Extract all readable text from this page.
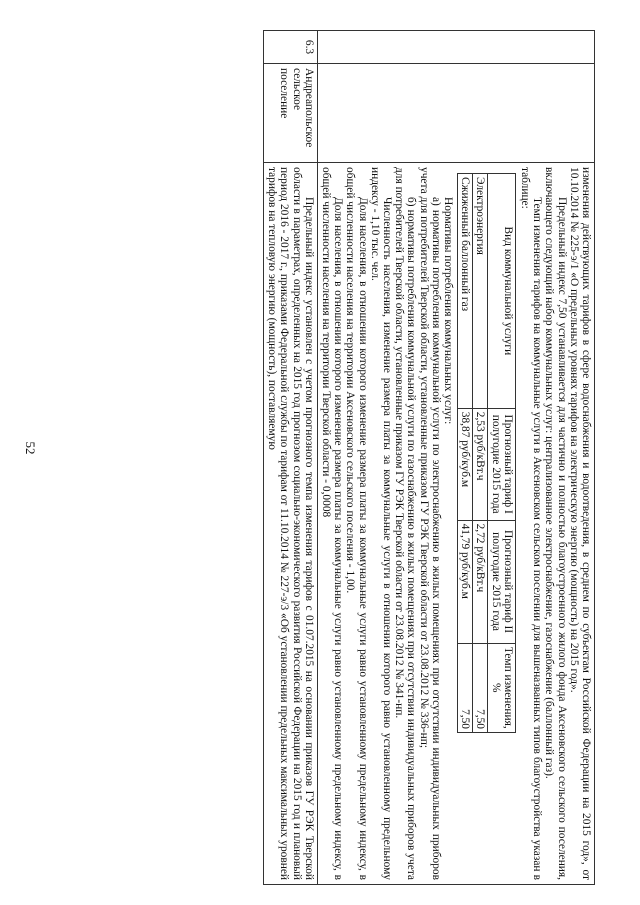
52
			изменения действующих тарифов в сфере водоснабжения и водоотведения, в среднем по субъектам Российской Федерации на 2015 год», от 10.10.2014 № 225-э/1 «О предельных уровнях тарифов на электрическую энергию (мощность) на 2015 год».

Предельный индекс 7,50 устанавливается для частично и полностью благоустроенного жилого фонда Аксеновского сельского поселения, включающего следующий набор коммунальных услуг: централизованное электроснабжение, газоснабжение (баллонный газ).

Темп изменения тарифов на коммунальные услуги в Аксеновском сельском поселении для вышеназванных типов благоустройства указан в таблице:

Вид коммунальной услуги	Прогнозный тариф I полугодие 2015 года	Прогнозный тариф II полугодие 2015 года	Темп изменения, %
Электроэнергия	2,53 руб/кВт.ч	2,72 руб/кВт.ч	7,50
Сжиженный баллонный газ	38,87 руб/куб.м	41,79 руб/куб.м	7,50

Нормативы потребления коммунальных услуг:

а) нормативы потребления коммунальной услуги по электроснабжению в жилых помещениях при отсутствии индивидуальных приборов учета для потребителей Тверской области, установленные приказом ГУ РЭК Тверской области от 23.08.2012 № 336-нп;

б) нормативы потребления коммунальной услуги по газоснабжению в жилых помещениях при отсутствии индивидуальных приборов учета для потребителей Тверской области, установленные приказом ГУ РЭК Тверской области от 23.08.2012 № 341-нп.

Численность населения, изменение размера платы за коммунальные услуги в отношении которого равно установленному предельному индексу - 1,10 тыс. чел.

Доля населения, в отношении которого изменение размера платы за коммунальные услуги равно установленному предельному индексу, в общей численности населения на территории Аксеновского сельского поселения - 1,00.

Доля населения, в отношении которого изменение размера платы за коммунальные услуги равно установленному предельному индексу, в общей численности населения на территории Тверской области - 0,0008

6.3	Андреапольское сельское поселение	

Предельный индекс установлен с учетом прогнозного темпа изменения тарифов с 01.07.2015 на основании приказов ГУ РЭК Тверской области в параметрах, определенных на 2015 год прогнозом социально-экономического развития Российской Федерации на 2015 год и плановый период 2016 - 2017 г., приказами Федеральной службы по тарифам от 11.10.2014 № 227-э/3 «Об установлении предельных максимальных уровней тарифов на тепловую энергию (мощность), поставляемую
